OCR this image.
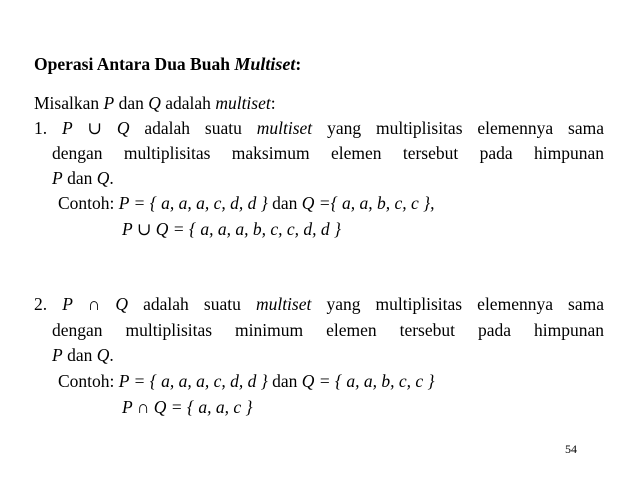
Operasi Antara Dua Buah Multiset:
Misalkan P dan Q adalah multiset:
1. P ∪ Q adalah suatu multiset yang multiplisitas elemennya sama
dengan multiplisitas maksimum elemen tersebut pada himpunan
P dan Q.
Contoh: P = { a, a, a, c, d, d } dan Q ={ a, a, b, c, c },
P ∪ Q = { a, a, a, b, c, c, d, d }
2. P ∩ Q adalah suatu multiset yang multiplisitas elemennya sama
dengan multiplisitas minimum elemen tersebut pada himpunan
P dan Q.
Contoh: P = { a, a, a, c, d, d } dan Q = { a, a, b, c, c }
P ∩ Q = { a, a, c }
54
